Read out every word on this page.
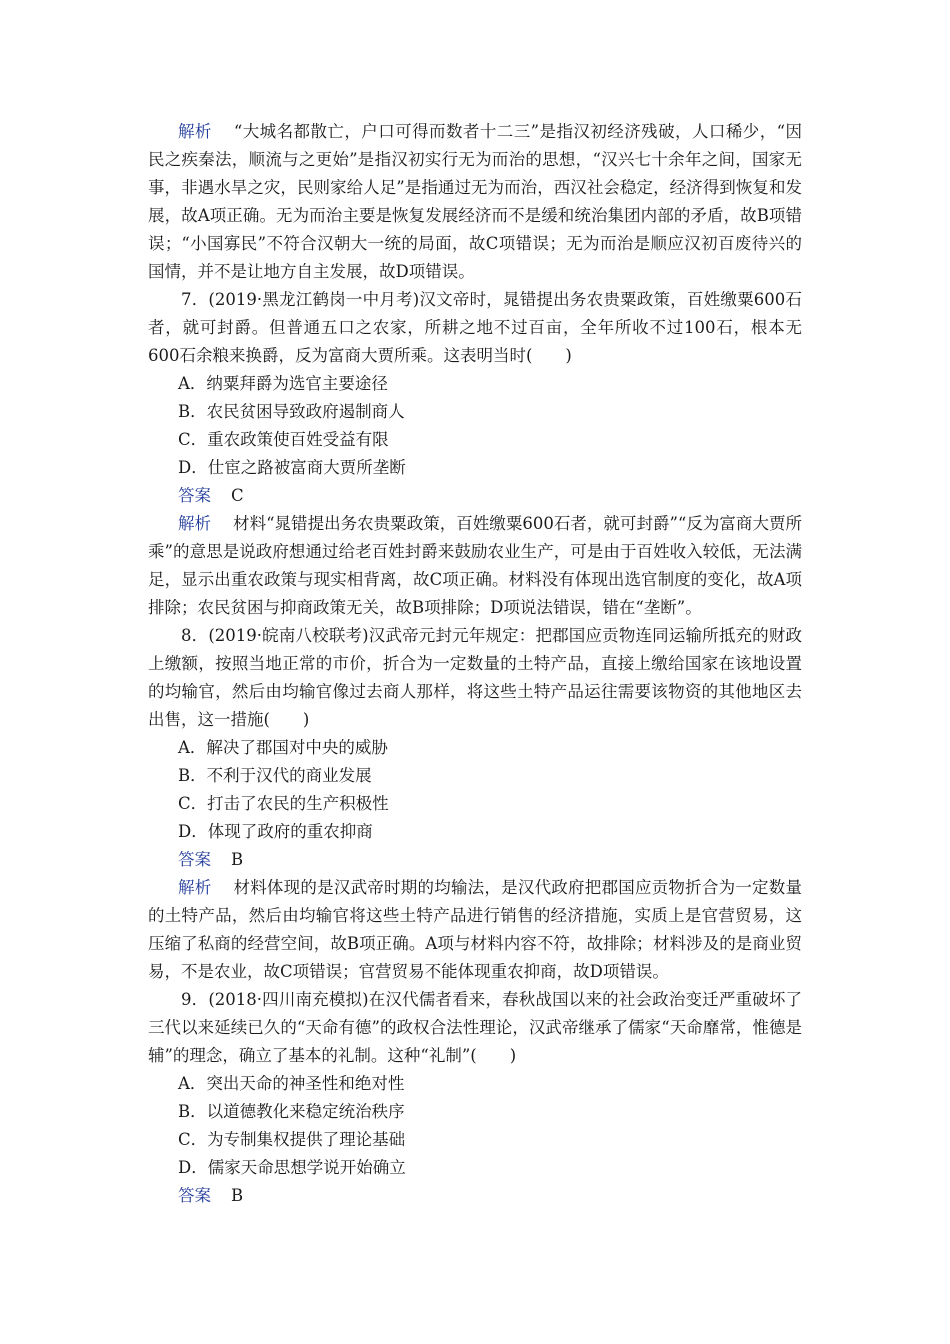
解析 “大城名都散亡，户口可得而数者十二三”是指汉初经济残破，人口稀少，“因民之疾秦法，顺流与之更始”是指汉初实行无为而治的思想，“汉兴七十余年之间，国家无事，非遇水旱之灾，民则家给人足”是指通过无为而治，西汉社会稳定，经济得到恢复和发展，故A项正确。无为而治主要是恢复发展经济而不是缓和统治集团内部的矛盾，故B项错误；“小国寡民”不符合汉朝大一统的局面，故C项错误；无为而治是顺应汉初百废待兴的国情，并不是让地方自主发展，故D项错误。

7．(2019·黑龙江鹤岗一中月考)汉文帝时，晁错提出务农贵粟政策，百姓缴粟600石者，就可封爵。但普通五口之农家，所耕之地不过百亩，全年所收不过100石，根本无600石余粮来换爵，反为富商大贾所乘。这表明当时(　　)

A．纳粟拜爵为选官主要途径

B．农民贫困导致政府遏制商人

C．重农政策使百姓受益有限

D．仕宦之路被富商大贾所垄断

答案 C

解析 材料“晁错提出务农贵粟政策，百姓缴粟600石者，就可封爵”“反为富商大贾所乘”的意思是说政府想通过给老百姓封爵来鼓励农业生产，可是由于百姓收入较低，无法满足，显示出重农政策与现实相背离，故C项正确。材料没有体现出选官制度的变化，故A项排除；农民贫困与抑商政策无关，故B项排除；D项说法错误，错在“垄断”。

8．(2019·皖南八校联考)汉武帝元封元年规定：把郡国应贡物连同运输所抵充的财政上缴额，按照当地正常的市价，折合为一定数量的土特产品，直接上缴给国家在该地设置的均输官，然后由均输官像过去商人那样，将这些土特产品运往需要该物资的其他地区去出售，这一措施(　　)

A．解决了郡国对中央的威胁

B．不利于汉代的商业发展

C．打击了农民的生产积极性

D．体现了政府的重农抑商

答案 B

解析 材料体现的是汉武帝时期的均输法，是汉代政府把郡国应贡物折合为一定数量的土特产品，然后由均输官将这些土特产品进行销售的经济措施，实质上是官营贸易，这压缩了私商的经营空间，故B项正确。A项与材料内容不符，故排除；材料涉及的是商业贸易，不是农业，故C项错误；官营贸易不能体现重农抑商，故D项错误。

9．(2018·四川南充模拟)在汉代儒者看来，春秋战国以来的社会政治变迁严重破坏了三代以来延续已久的“天命有德”的政权合法性理论，汉武帝继承了儒家“天命靡常，惟德是辅”的理念，确立了基本的礼制。这种“礼制”(　　)

A．突出天命的神圣性和绝对性

B．以道德教化来稳定统治秩序

C．为专制集权提供了理论基础

D．儒家天命思想学说开始确立

答案 B
